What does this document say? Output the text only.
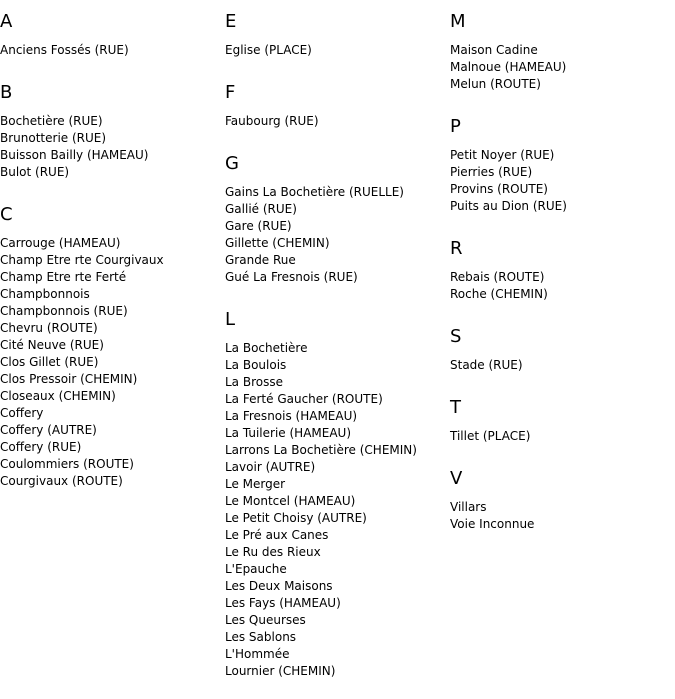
A
Anciens Fossés (RUE)
B
Bochetière (RUE)
Brunotterie (RUE)
Buisson Bailly (HAMEAU)
Bulot (RUE)
C
Carrouge (HAMEAU)
Champ Etre rte Courgivaux
Champ Etre rte Ferté
Champbonnois
Champbonnois (RUE)
Chevru (ROUTE)
Cité Neuve (RUE)
Clos Gillet (RUE)
Clos Pressoir (CHEMIN)
Closeaux (CHEMIN)
Coffery
Coffery (AUTRE)
Coffery (RUE)
Coulommiers (ROUTE)
Courgivaux (ROUTE)
E
Eglise (PLACE)
F
Faubourg (RUE)
G
Gains La Bochetière (RUELLE)
Gallié (RUE)
Gare (RUE)
Gillette (CHEMIN)
Grande Rue
Gué La Fresnois (RUE)
L
La Bochetière
La Boulois
La Brosse
La Ferté Gaucher (ROUTE)
La Fresnois (HAMEAU)
La Tuilerie (HAMEAU)
Larrons La Bochetière (CHEMIN)
Lavoir (AUTRE)
Le Merger
Le Montcel (HAMEAU)
Le Petit Choisy (AUTRE)
Le Pré aux Canes
Le Ru des Rieux
L'Epauche
Les Deux Maisons
Les Fays (HAMEAU)
Les Queurses
Les Sablons
L'Hommée
Lournier (CHEMIN)
M
Maison Cadine
Malnoue (HAMEAU)
Melun (ROUTE)
P
Petit Noyer (RUE)
Pierries (RUE)
Provins (ROUTE)
Puits au Dion (RUE)
R
Rebais (ROUTE)
Roche (CHEMIN)
S
Stade (RUE)
T
Tillet (PLACE)
V
Villars
Voie Inconnue
